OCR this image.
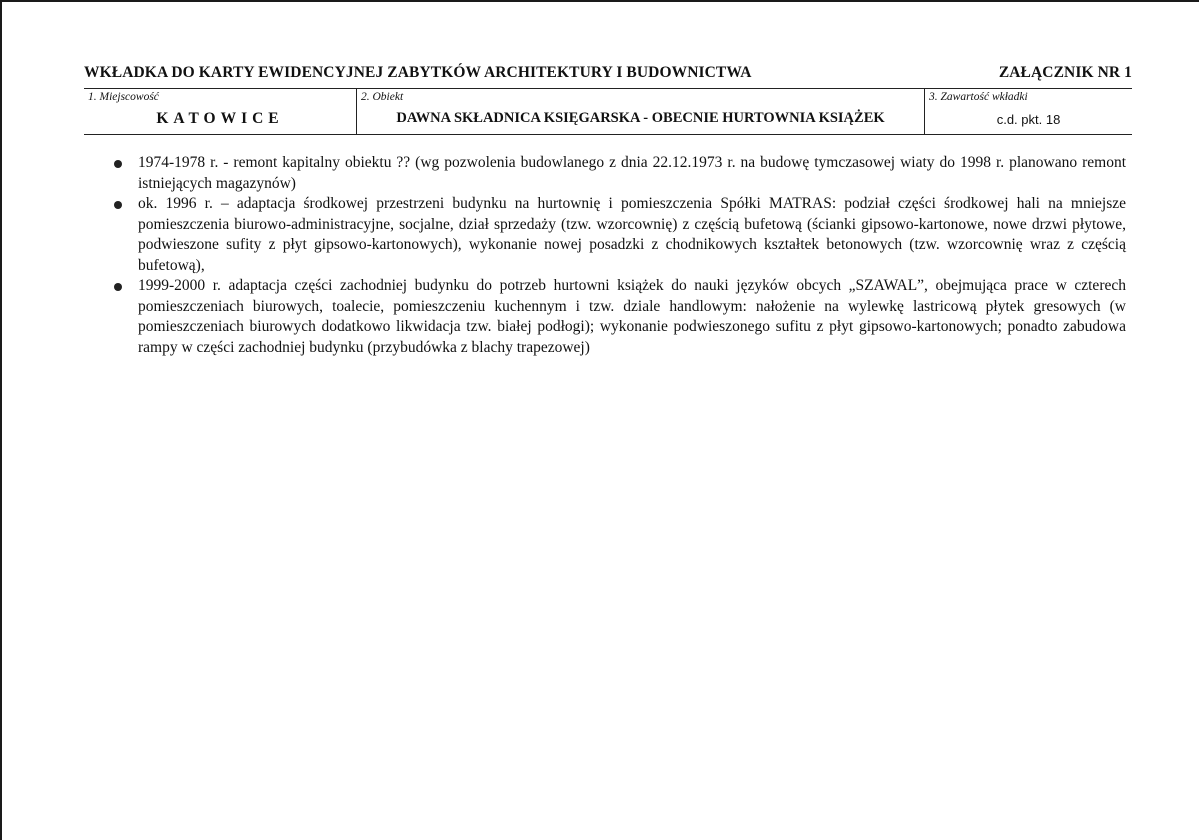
WKŁADKA DO KARTY EWIDENCYJNEJ ZABYTKÓW ARCHITEKTURY I BUDOWNICTWA	ZAŁĄCZNIK NR 1
1. Miejscowość
KATOWICE
2. Obiekt
DAWNA SKŁADNICA KSIĘGARSKA - OBECNIE HURTOWNIA KSIĄŻEK
3. Zawartość wkładki
c.d. pkt. 18
1974-1978 r. - remont kapitalny obiektu ?? (wg pozwolenia budowlanego z dnia 22.12.1973 r. na budowę tymczasowej wiaty do 1998 r. planowano remont istniejących magazynów)
ok. 1996 r. – adaptacja środkowej przestrzeni budynku na hurtownię i pomieszczenia Spółki MATRAS: podział części środkowej hali na mniejsze pomieszczenia biurowo-administracyjne, socjalne, dział sprzedaży (tzw. wzorcownię) z częścią bufetową (ścianki gipsowo-kartonowe, nowe drzwi płytowe, podwieszone sufity z płyt gipsowo-kartonowych), wykonanie nowej posadzki z chodnikowych kształtek betonowych (tzw. wzorcownię wraz z częścią bufetową),
1999-2000 r. adaptacja części zachodniej budynku do potrzeb hurtowni książek do nauki języków obcych „SZAWAL”, obejmująca prace w czterech pomieszczeniach biurowych, toalecie, pomieszczeniu kuchennym i tzw. dziale handlowym: nałożenie na wylewkę lastricową płytek gresowych (w pomieszczeniach biurowych dodatkowo likwidacja tzw. białej podłogi); wykonanie podwieszonego sufitu z płyt gipsowo-kartonowych; ponadto zabudowa rampy w części zachodniej budynku (przybudówka z blachy trapezowej)
